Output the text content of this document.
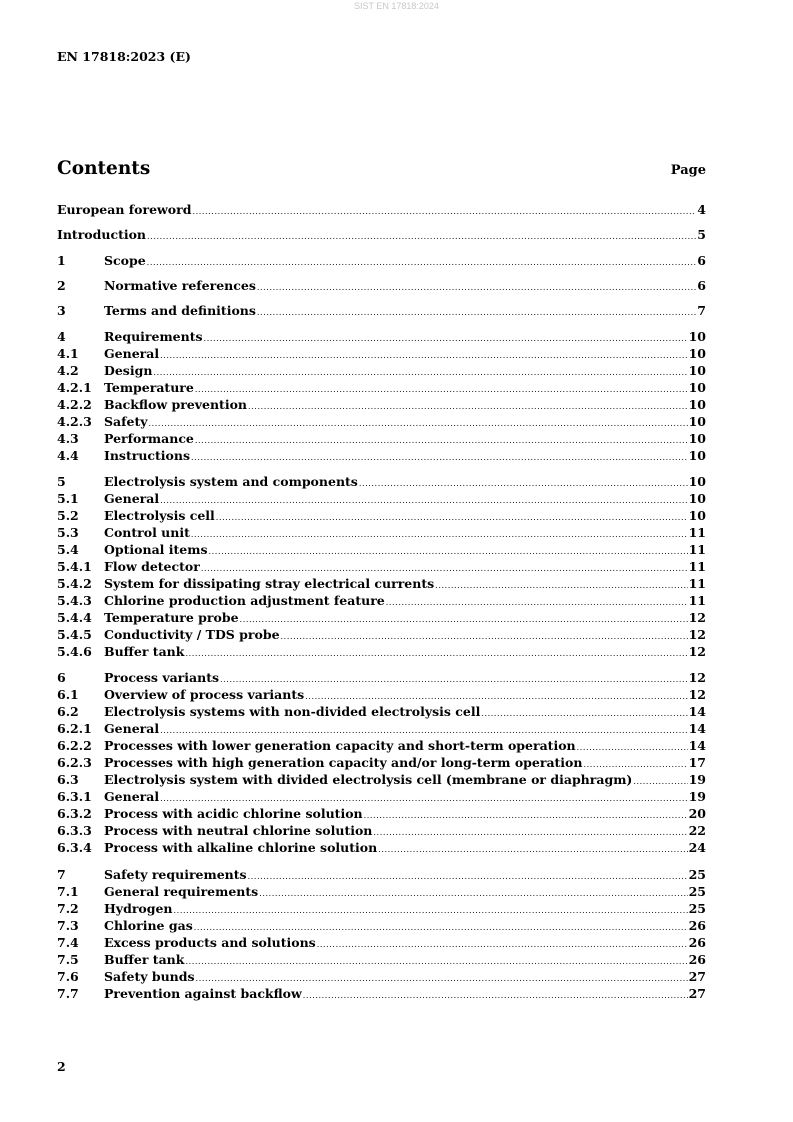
SIST EN 17818:2024
EN 17818:2023 (E)
Contents	Page
European foreword .....	4
Introduction .....	5
1	Scope .....	6
2	Normative references .....	6
3	Terms and definitions .....	7
4	Requirements .....	10
4.1	General .....	10
4.2	Design .....	10
4.2.1 Temperature .....	10
4.2.2 Backflow prevention .....	10
4.2.3 Safety .....	10
4.3	Performance .....	10
4.4	Instructions .....	10
5	Electrolysis system and components .....	10
5.1	General .....	10
5.2	Electrolysis cell .....	10
5.3	Control unit .....	11
5.4	Optional items .....	11
5.4.1 Flow detector .....	11
5.4.2 System for dissipating stray electrical currents .....	11
5.4.3 Chlorine production adjustment feature .....	11
5.4.4 Temperature probe .....	12
5.4.5 Conductivity / TDS probe .....	12
5.4.6 Buffer tank .....	12
6	Process variants .....	12
6.1	Overview of process variants .....	12
6.2	Electrolysis systems with non-divided electrolysis cell .....	14
6.2.1 General .....	14
6.2.2 Processes with lower generation capacity and short-term operation .....	14
6.2.3 Processes with high generation capacity and/or long-term operation .....	17
6.3	Electrolysis system with divided electrolysis cell (membrane or diaphragm) .....	19
6.3.1 General .....	19
6.3.2 Process with acidic chlorine solution .....	20
6.3.3 Process with neutral chlorine solution .....	22
6.3.4 Process with alkaline chlorine solution .....	24
7	Safety requirements .....	25
7.1	General requirements .....	25
7.2	Hydrogen .....	25
7.3	Chlorine gas .....	26
7.4	Excess products and solutions .....	26
7.5	Buffer tank .....	26
7.6	Safety bunds .....	27
7.7	Prevention against backflow .....	27
2
